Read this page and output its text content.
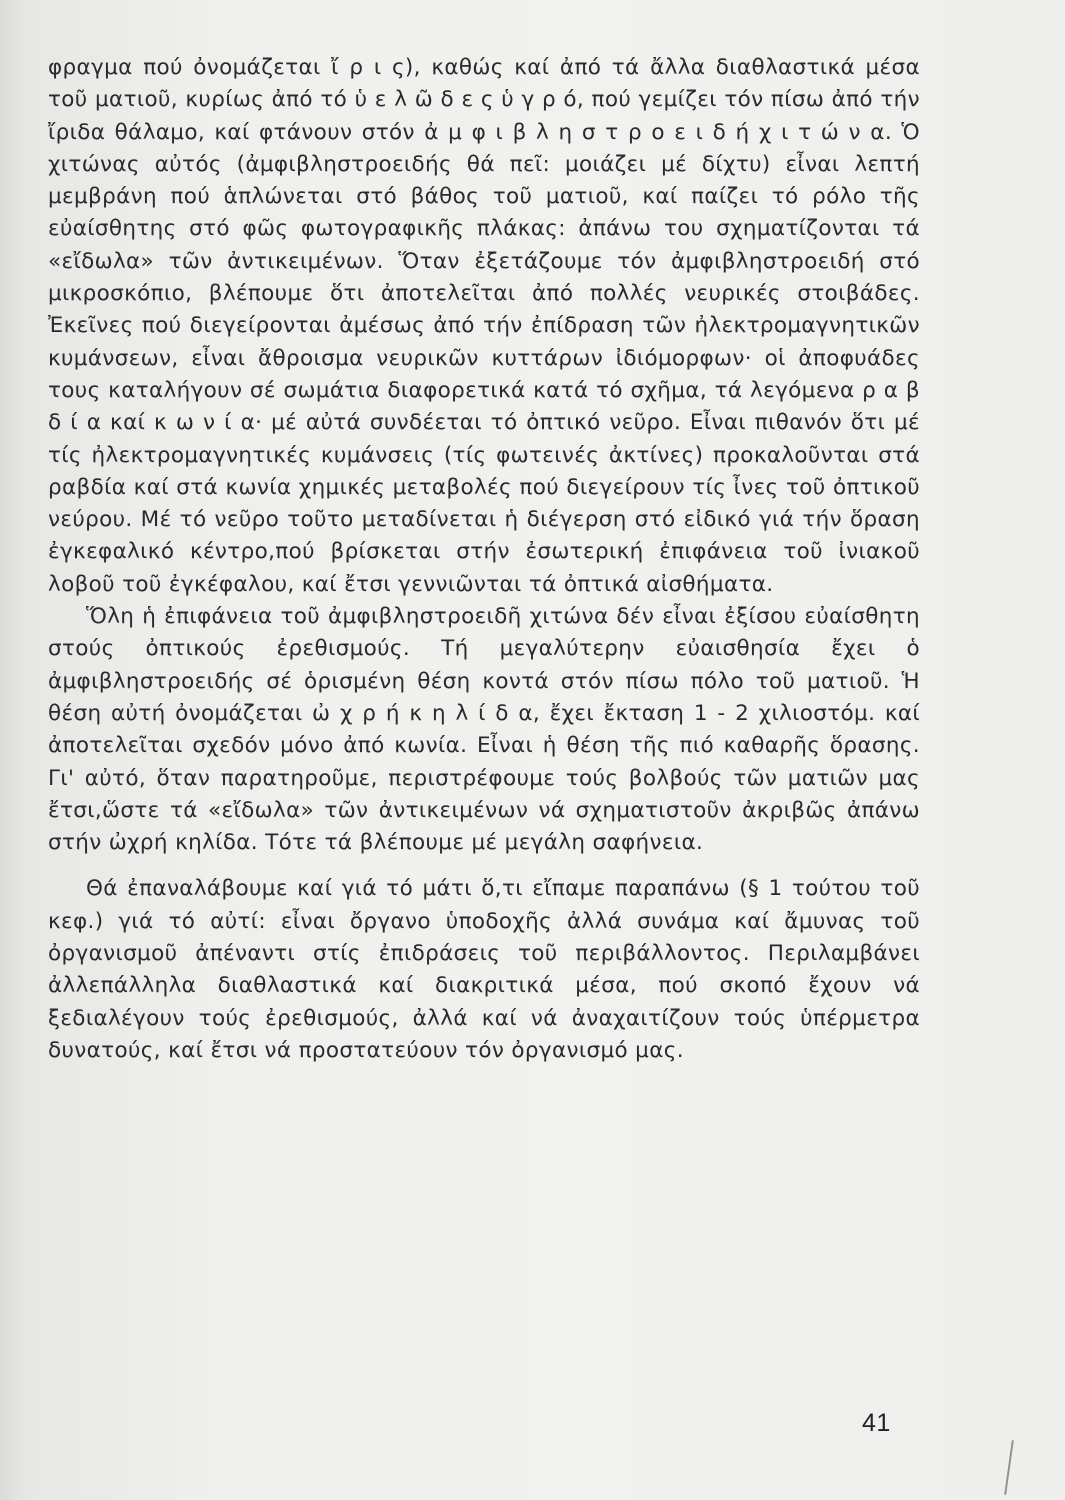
φραγμα πού ὀνομάζεται ἴ ρ ι ς), καθώς καί ἀπό τά ἄλλα διαθλαστικά μέσα τοῦ ματιοῦ, κυρίως ἀπό τό ὑ ε λ ῶ δ ε ς ὑ γ ρ ό, πού γεμίζει τόν πίσω ἀπό τήν ἴριδα θάλαμο, καί φτάνουν στόν ἀ μ φ ι β λ η σ τ ρ ο ε ι δ ή χ ι τ ώ ν α. Ὁ χιτώνας αὐτός (ἀμφιβληστροειδής θά πεῖ: μοιάζει μέ δίχτυ) εἶναι λεπτή μεμβράνη πού ἁπλώνεται στό βάθος τοῦ ματιοῦ, καί παίζει τό ρόλο τῆς εὐαίσθητης στό φῶς φωτογραφικῆς πλάκας: ἀπάνω του σχηματίζονται τά «εἴδωλα» τῶν ἀντικειμένων. Ὅταν ἐξετάζουμε τόν ἀμφιβληστροειδή στό μικροσκόπιο, βλέπουμε ὅτι ἀποτελεῖται ἀπό πολλές νευρικές στοιβάδες. Ἐκεῖνες πού διεγείρονται ἀμέσως ἀπό τήν ἐπίδραση τῶν ἠλεκτρομαγνητικῶν κυμάνσεων, εἶναι ἄθροισμα νευρικῶν κυττάρων ἰδιόμορφων· οἱ ἀποφυάδες τους καταλήγουν σέ σωμάτια διαφορετικά κατά τό σχῆμα, τά λεγόμενα ρ α β δ ί α καί κ ω ν ί α· μέ αὐτά συνδέεται τό ὀπτικό νεῦρο. Εἶναι πιθανόν ὅτι μέ τίς ἠλεκτρομαγνητικές κυμάνσεις (τίς φωτεινές ἀκτίνες) προκαλοῦνται στά ραβδία καί στά κωνία χημικές μεταβολές πού διεγείρουν τίς ἶνες τοῦ ὀπτικοῦ νεύρου. Μέ τό νεῦρο τοῦτο μεταδίνεται ἡ διέγερση στό εἰδικό γιά τήν ὅραση ἐγκεφαλικό κέντρο,πού βρίσκεται στήν ἐσωτερική ἐπιφάνεια τοῦ ἰνιακοῦ λοβοῦ τοῦ ἐγκέφαλου, καί ἔτσι γεννιῶνται τά ὀπτικά αἰσθήματα.

Ὅλη ἡ ἐπιφάνεια τοῦ ἀμφιβληστροειδῆ χιτώνα δέν εἶναι ἐξίσου εὐαίσθητη στούς ὀπτικούς ἐρεθισμούς. Τή μεγαλύτερην εὐαισθησία ἔχει ὁ ἀμφιβληστροειδής σέ ὁρισμένη θέση κοντά στόν πίσω πόλο τοῦ ματιοῦ. Ἡ θέση αὐτή ὀνομάζεται ὠ χ ρ ή κ η λ ί δ α, ἔχει ἔκταση 1 - 2 χιλιοστόμ. καί ἀποτελεῖται σχεδόν μόνο ἀπό κωνία. Εἶναι ἡ θέση τῆς πιό καθαρῆς ὅρασης. Γι' αὐτό, ὅταν παρατηροῦμε, περιστρέφουμε τούς βολβούς τῶν ματιῶν μας ἔτσι,ὥστε τά «εἴδωλα» τῶν ἀντικειμένων νά σχηματιστοῦν ἀκριβῶς ἀπάνω στήν ὠχρή κηλίδα. Τότε τά βλέπουμε μέ μεγάλη σαφήνεια.

Θά ἐπαναλάβουμε καί γιά τό μάτι ὅ,τι εἴπαμε παραπάνω (§ 1 τούτου τοῦ κεφ.) γιά τό αὐτί: εἶναι ὄργανο ὑποδοχῆς ἀλλά συνάμα καί ἄμυνας τοῦ ὀργανισμοῦ ἀπέναντι στίς ἐπιδράσεις τοῦ περιβάλλοντος. Περιλαμβάνει ἀλλεπάλληλα διαθλαστικά καί διακριτικά μέσα, πού σκοπό ἔχουν νά ξεδιαλέγουν τούς ἐρεθισμούς, ἀλλά καί νά ἀναχαιτίζουν τούς ὑπέρμετρα δυνατούς, καί ἔτσι νά προστατεύουν τόν ὀργανισμό μας.

41
